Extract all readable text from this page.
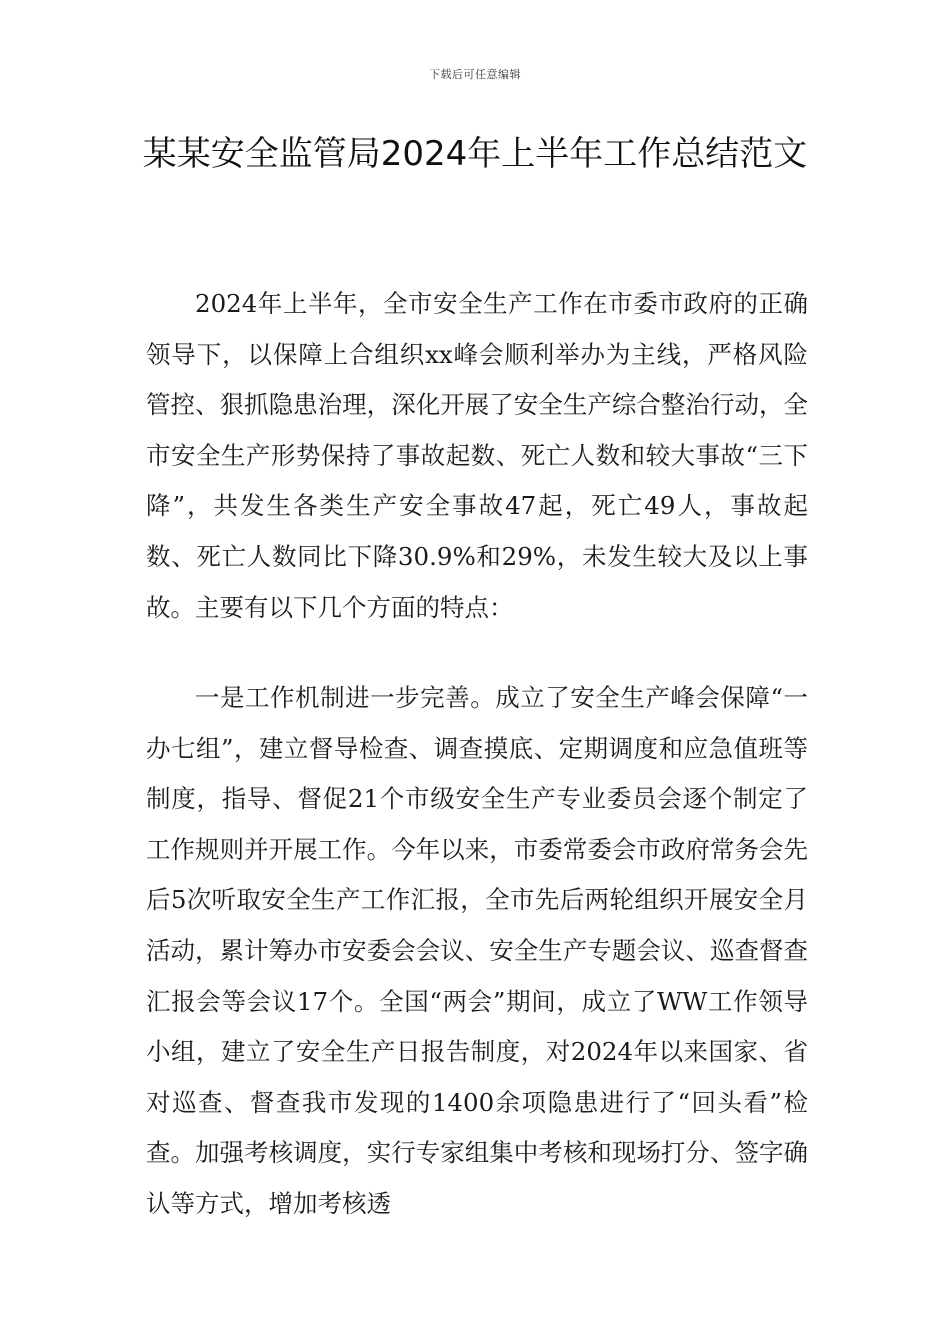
下载后可任意编辑
某某安全监管局2024年上半年工作总结范文

2024年上半年，全市安全生产工作在市委市政府的正确领导下，以保障上合组织xx峰会顺利举办为主线，严格风险管控、狠抓隐患治理，深化开展了安全生产综合整治行动，全市安全生产形势保持了事故起数、死亡人数和较大事故“三下降”，共发生各类生产安全事故47起，死亡49人，事故起数、死亡人数同比下降30.9%和29%，未发生较大及以上事故。主要有以下几个方面的特点：

一是工作机制进一步完善。成立了安全生产峰会保障“一办七组”，建立督导检查、调查摸底、定期调度和应急值班等制度，指导、督促21个市级安全生产专业委员会逐个制定了工作规则并开展工作。今年以来，市委常委会市政府常务会先后5次听取安全生产工作汇报，全市先后两轮组织开展安全月活动，累计筹办市安委会会议、安全生产专题会议、巡查督查汇报会等会议17个。全国“两会”期间，成立了WW工作领导小组，建立了安全生产日报告制度，对2024年以来国家、省对巡查、督查我市发现的1400余项隐患进行了“回头看”检查。加强考核调度，实行专家组集中考核和现场打分、签字确认等方式，增加考核透
